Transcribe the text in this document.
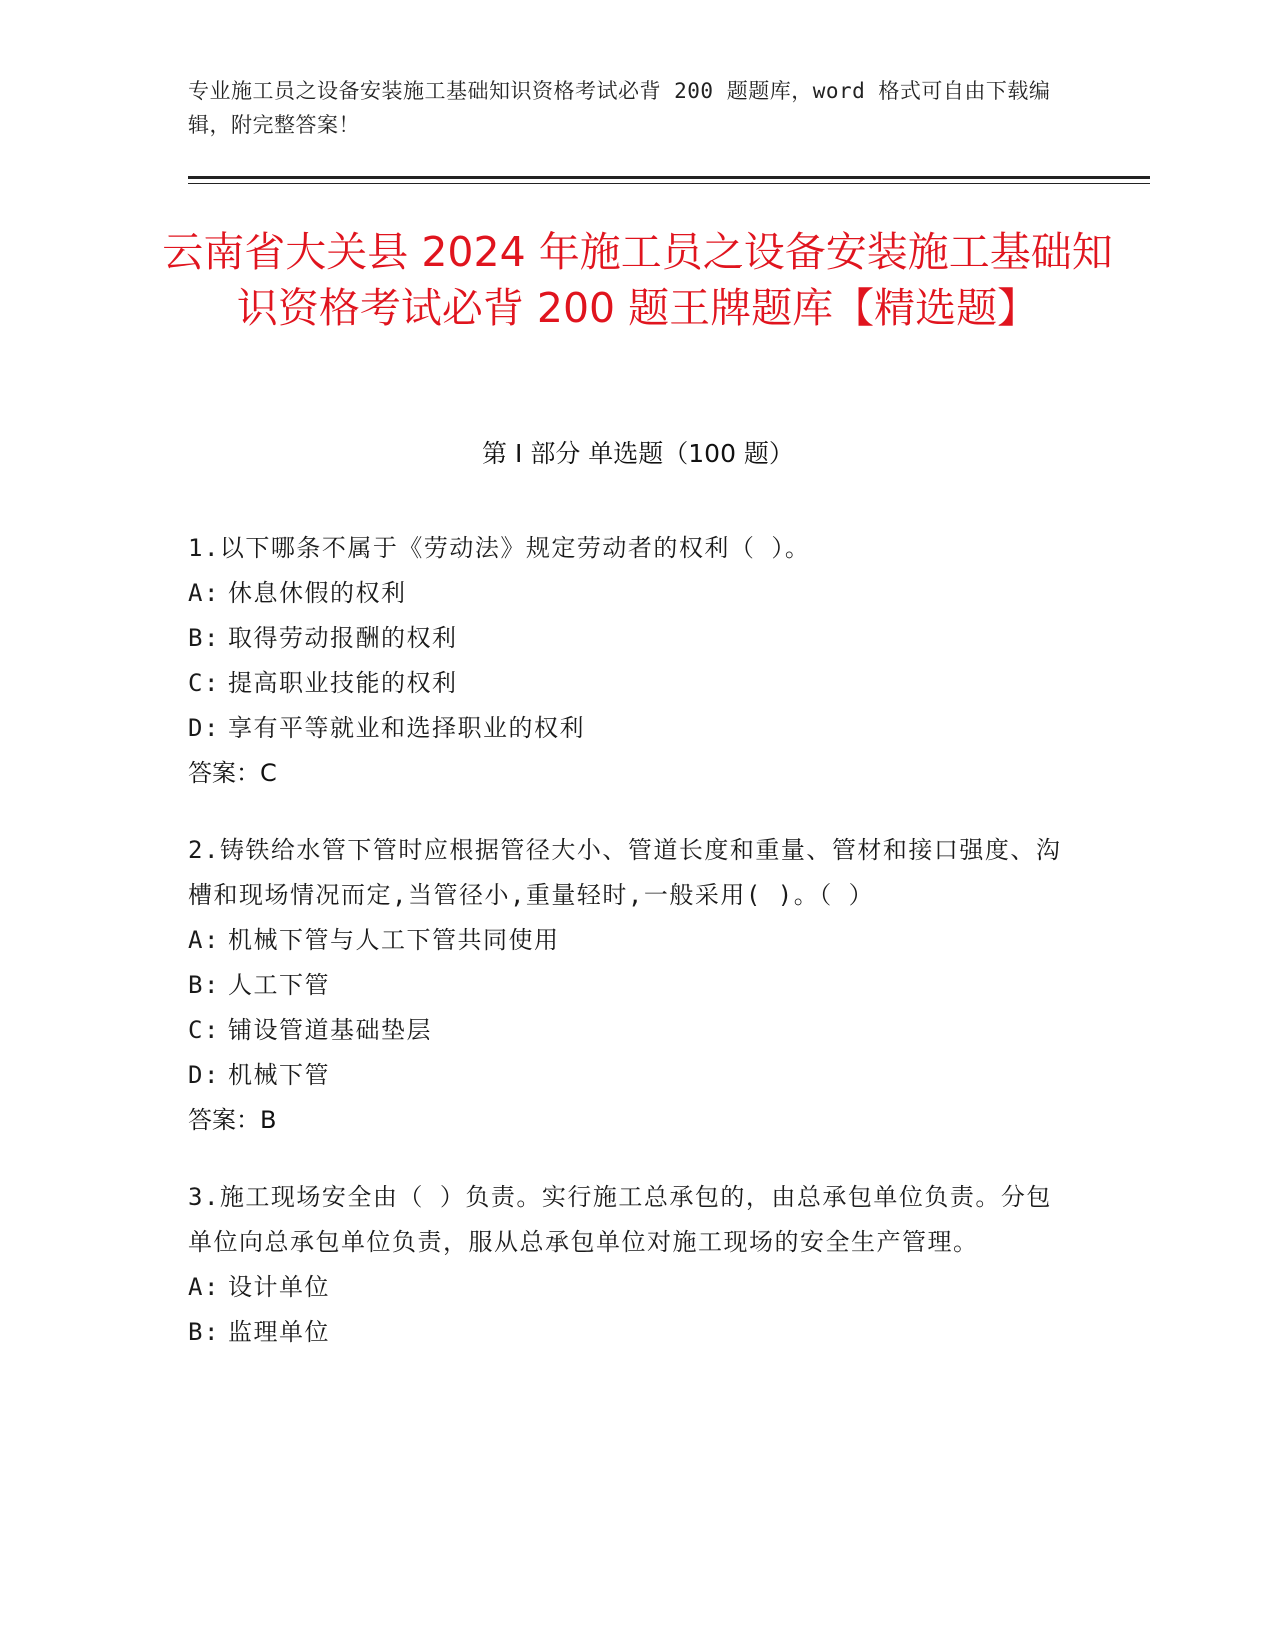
专业施工员之设备安装施工基础知识资格考试必背 200 题题库，word 格式可自由下载编辑，附完整答案！
云南省大关县 2024 年施工员之设备安装施工基础知识资格考试必背 200 题王牌题库【精选题】
第 I 部分 单选题（100 题）
1.以下哪条不属于《劳动法》规定劳动者的权利（ ）。
A: 休息休假的权利
B: 取得劳动报酬的权利
C: 提高职业技能的权利
D: 享有平等就业和选择职业的权利
答案：C
2.铸铁给水管下管时应根据管径大小、管道长度和重量、管材和接口强度、沟槽和现场情况而定,当管径小,重量轻时,一般采用( )。（ ）
A: 机械下管与人工下管共同使用
B: 人工下管
C: 铺设管道基础垫层
D: 机械下管
答案：B
3.施工现场安全由（ ）负责。实行施工总承包的，由总承包单位负责。分包单位向总承包单位负责，服从总承包单位对施工现场的安全生产管理。
A: 设计单位
B: 监理单位
